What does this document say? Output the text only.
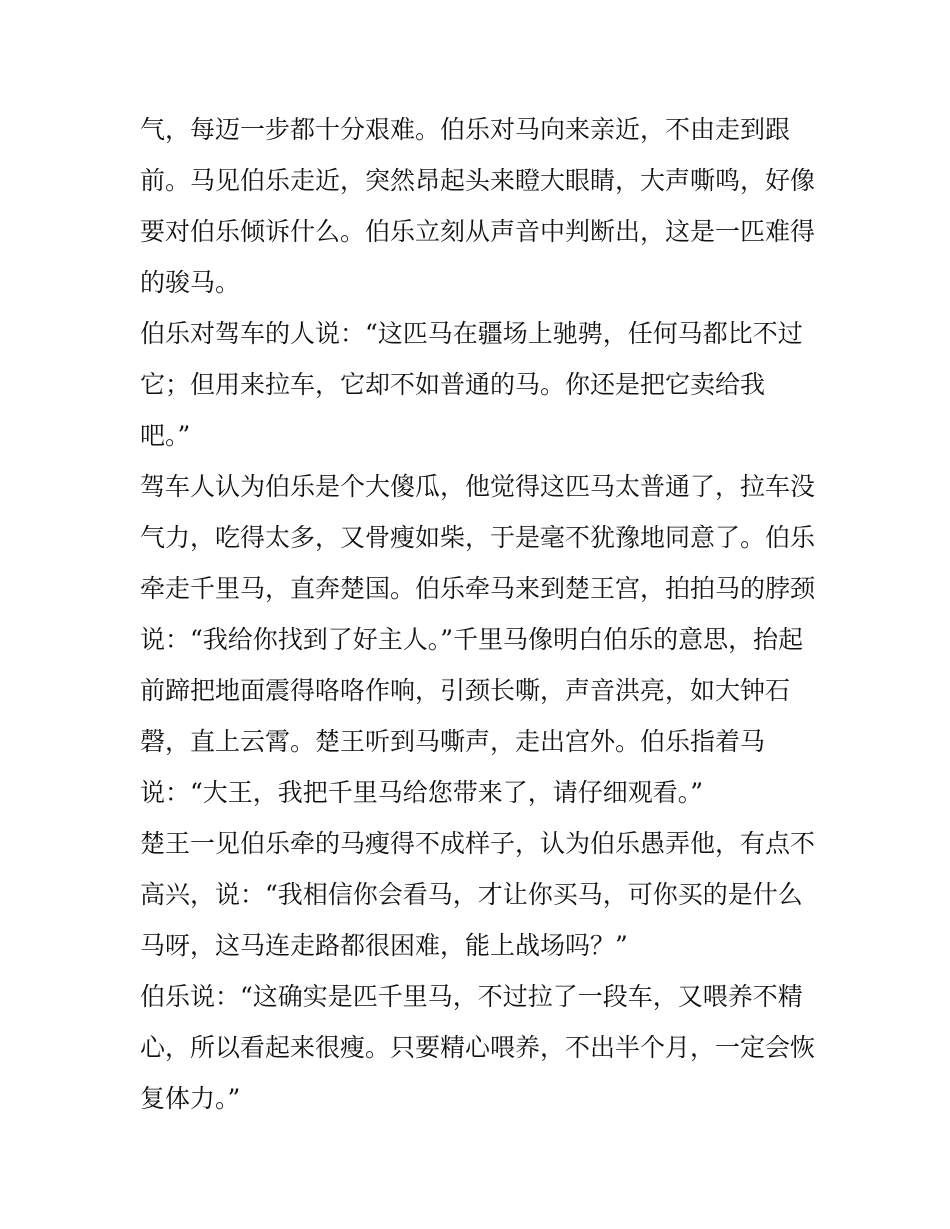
气，每迈一步都十分艰难。伯乐对马向来亲近，不由走到跟
前。马见伯乐走近，突然昂起头来瞪大眼睛，大声嘶鸣，好像
要对伯乐倾诉什么。伯乐立刻从声音中判断出，这是一匹难得
的骏马。
伯乐对驾车的人说：“这匹马在疆场上驰骋，任何马都比不过
它；但用来拉车，它却不如普通的马。你还是把它卖给我
吧。”
驾车人认为伯乐是个大傻瓜，他觉得这匹马太普通了，拉车没
气力，吃得太多，又骨瘦如柴，于是毫不犹豫地同意了。伯乐
牵走千里马，直奔楚国。伯乐牵马来到楚王宫，拍拍马的脖颈
说：“我给你找到了好主人。”千里马像明白伯乐的意思，抬起
前蹄把地面震得咯咯作响，引颈长嘶，声音洪亮，如大钟石
磬，直上云霄。楚王听到马嘶声，走出宫外。伯乐指着马
说：“大王，我把千里马给您带来了，请仔细观看。”
楚王一见伯乐牵的马瘦得不成样子，认为伯乐愚弄他，有点不
高兴，说：“我相信你会看马，才让你买马，可你买的是什么
马呀，这马连走路都很困难，能上战场吗？”
伯乐说：“这确实是匹千里马，不过拉了一段车，又喂养不精
心，所以看起来很瘦。只要精心喂养，不出半个月，一定会恢
复体力。”
